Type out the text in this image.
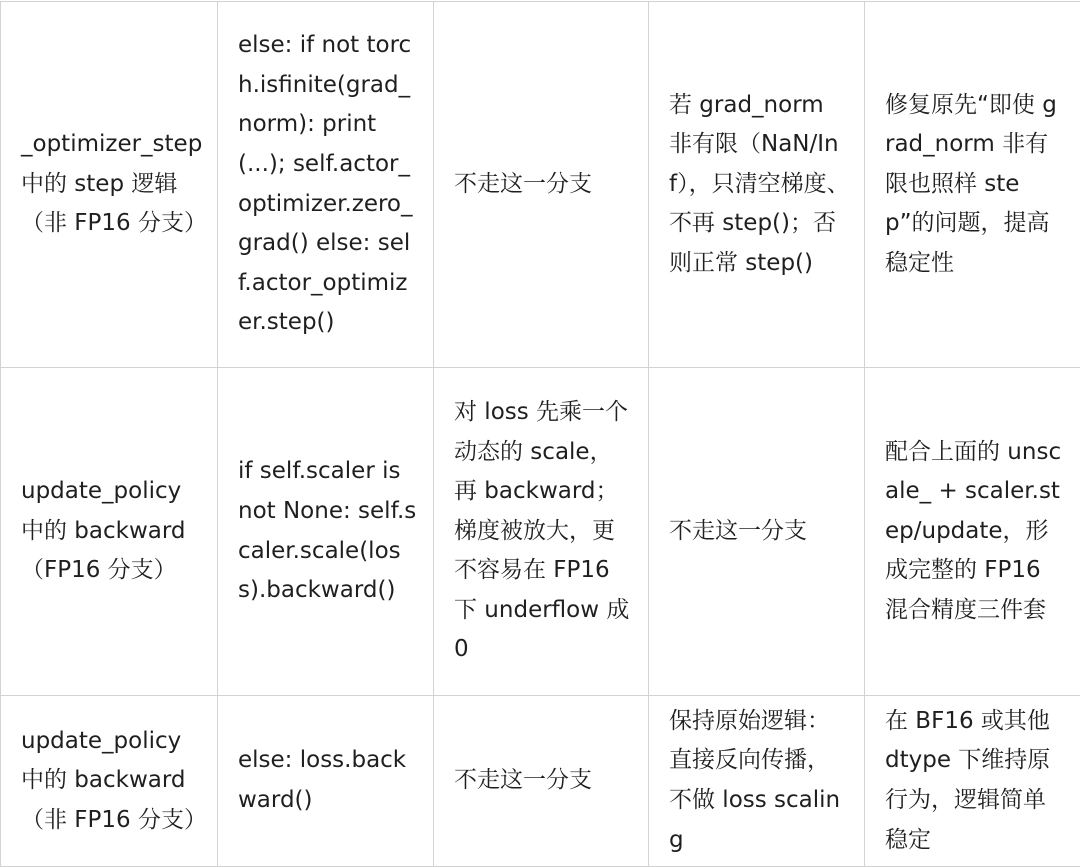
_optimizer_step 中的 step 逻辑（非 FP16 分支）	else: if not torch.isfinite(grad_norm): print(...); self.actor_optimizer.zero_grad() else: self.actor_optimizer.step()	不走这一分支	若 grad_norm 非有限（NaN/Inf），只清空梯度、不再 step()；否则正常 step()	修复原先“即使 grad_norm 非有限也照样 step”的问题，提高稳定性
update_policy 中的 backward（FP16 分支）	if self.scaler is not None: self.scaler.scale(loss).backward()	对 loss 先乘一个动态的 scale，再 backward；梯度被放大，更不容易在 FP16 下 underflow 成 0	不走这一分支	配合上面的 unscale_ + scaler.step/update，形成完整的 FP16 混合精度三件套
update_policy 中的 backward（非 FP16 分支）	else: loss.backward()	不走这一分支	保持原始逻辑：直接反向传播，不做 loss scaling	在 BF16 或其他 dtype 下维持原行为，逻辑简单稳定
